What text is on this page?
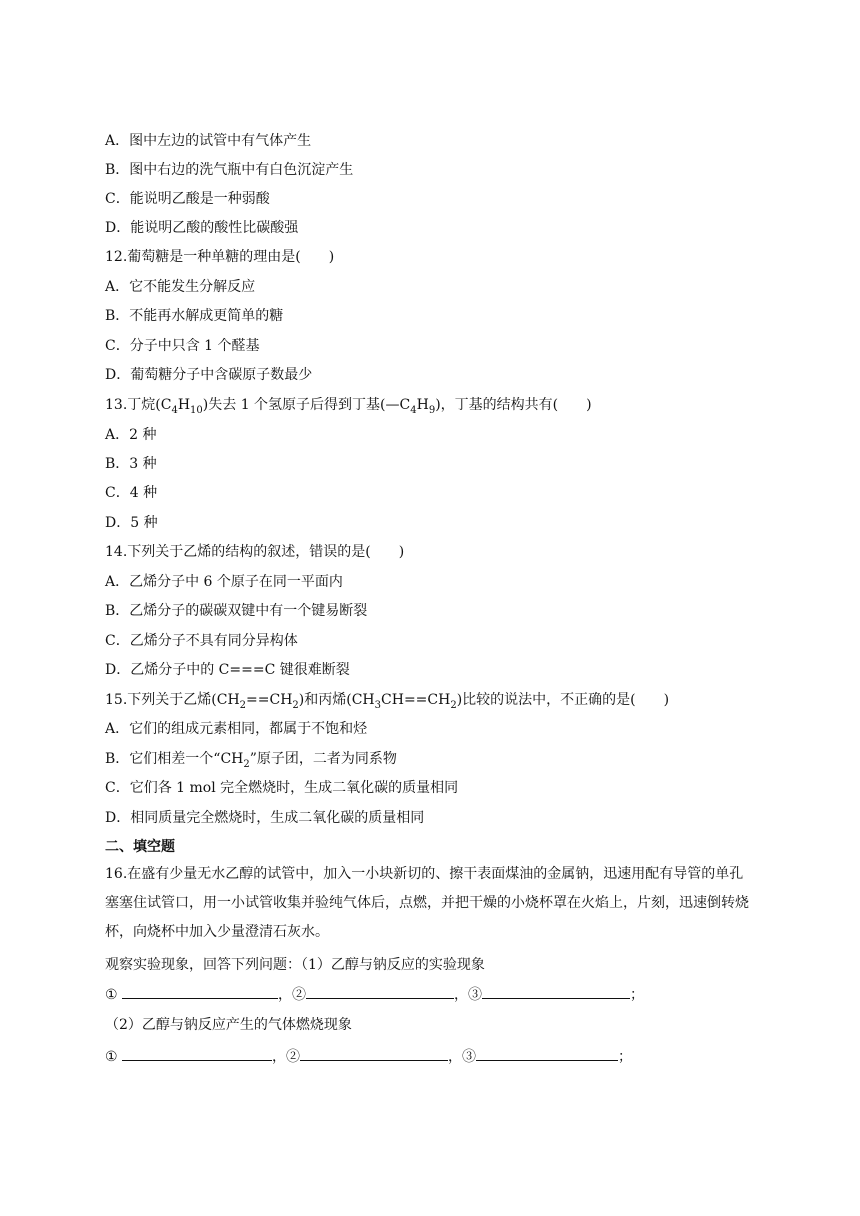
A．图中左边的试管中有气体产生
B．图中右边的洗气瓶中有白色沉淀产生
C．能说明乙酸是一种弱酸
D．能说明乙酸的酸性比碳酸强
12.葡萄糖是一种单糖的理由是(　　)
A．它不能发生分解反应
B．不能再水解成更简单的糖
C．分子中只含 1 个醛基
D．葡萄糖分子中含碳原子数最少
13.丁烷$(C_4H_{10})$失去 1 个氢原子后得到丁基$(—C_4H_9)$，丁基的结构共有(　　)
A．2 种
B．3 种
C．4 种
D．5 种
14.下列关于乙烯的结构的叙述，错误的是(　　)
A．乙烯分子中 6 个原子在同一平面内
B．乙烯分子的碳碳双键中有一个键易断裂
C．乙烯分子不具有同分异构体
D．乙烯分子中的 C===C 键很难断裂
15.下列关于乙烯$(CH_2==CH_2)$和丙烯$(CH_3CH==CH_2)$比较的说法中，不正确的是(　　)
A．它们的组成元素相同，都属于不饱和烃
B．它们相差一个“$CH_2$”原子团，二者为同系物
C．它们各 1 mol 完全燃烧时，生成二氧化碳的质量相同
D．相同质量完全燃烧时，生成二氧化碳的质量相同
二、填空题
16.在盛有少量无水乙醇的试管中，加入一小块新切的、擦干表面煤油的金属钠，迅速用配有导管的单孔塞塞住试管口，用一小试管收集并验纯气体后，点燃，并把干燥的小烧杯罩在火焰上，片刻，迅速倒转烧杯，向烧杯中加入少量澄清石灰水。
观察实验现象，回答下列问题：（1）乙醇与钠反应的实验现象
①	，②	，③	；
（2）乙醇与钠反应产生的气体燃烧现象
①	，②	，③	；
